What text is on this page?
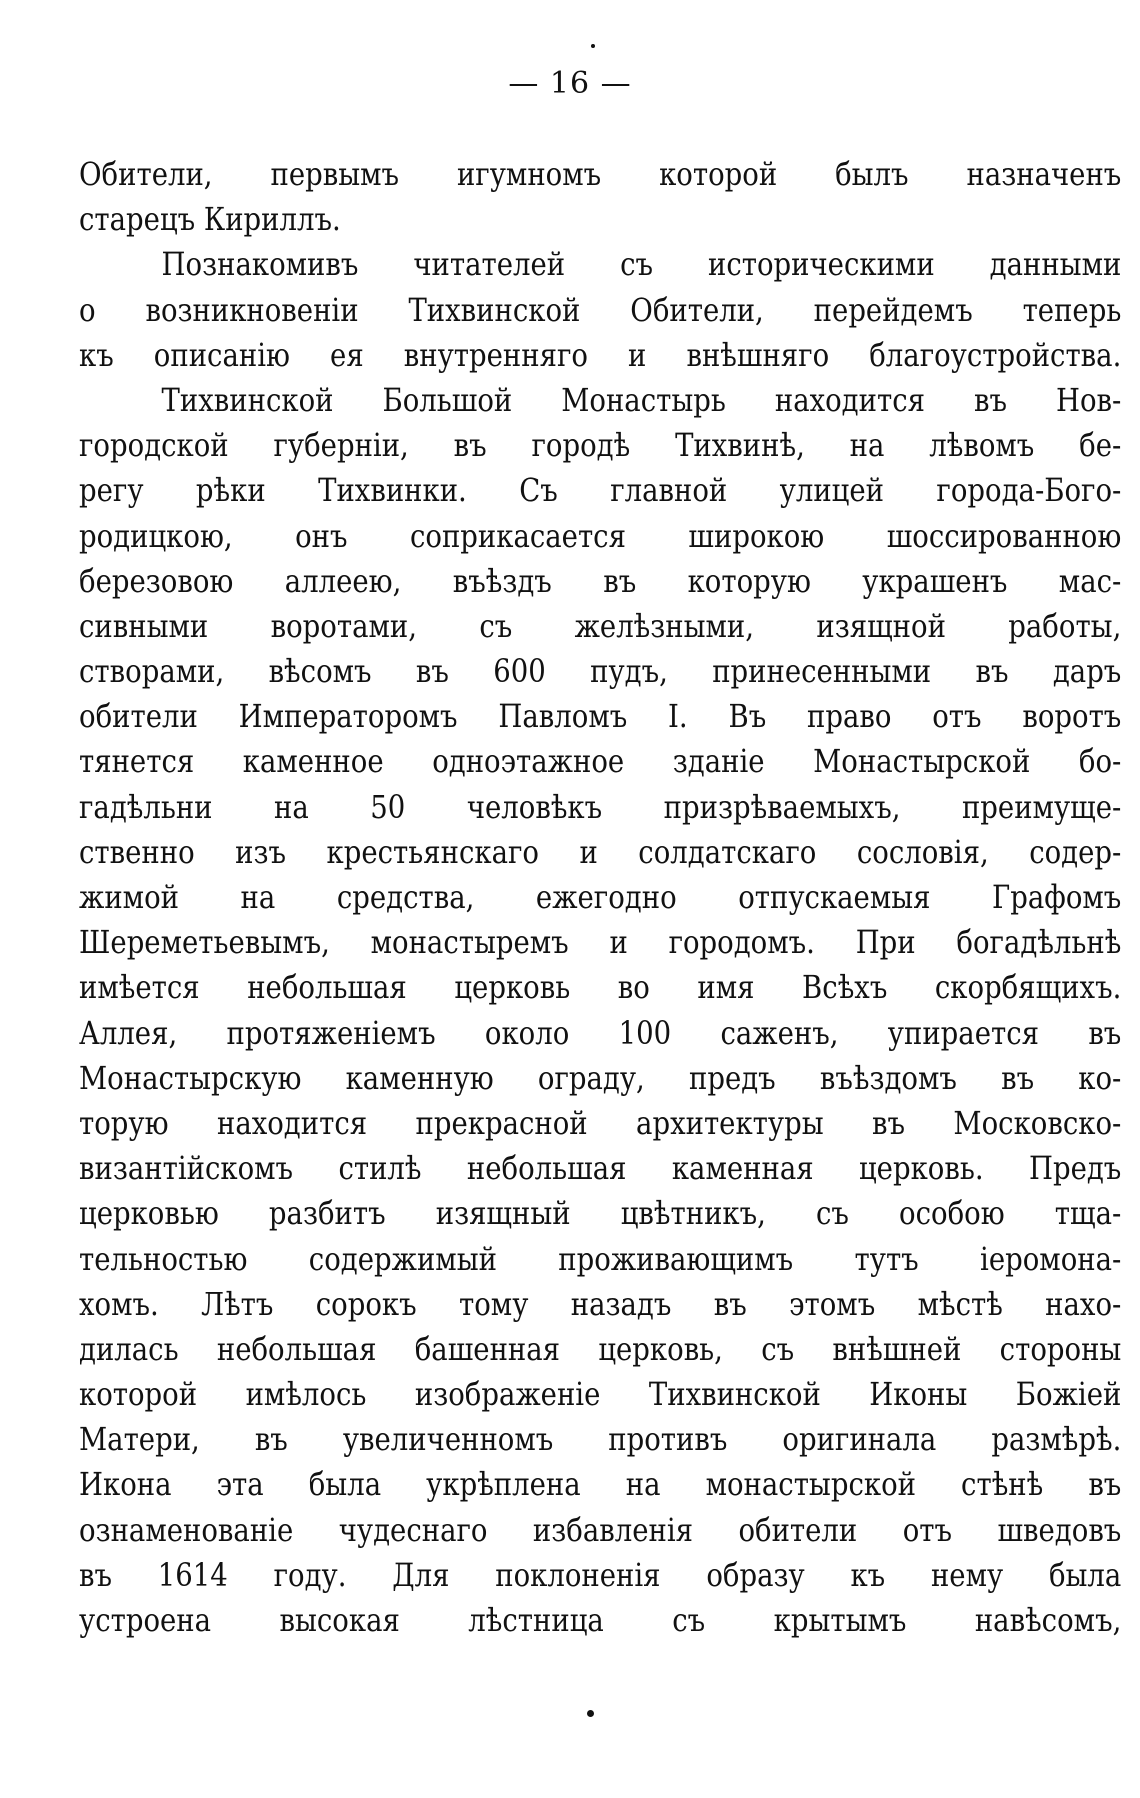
— 16 —
Обители, первымъ игумномъ которой былъ назначенъ
старецъ Кириллъ.
Познакомивъ читателей съ историческими данными
о возникновеніи Тихвинской Обители, перейдемъ теперь
къ описанію ея внутренняго и внѣшняго благоустройства.
Тихвинской Большой Монастырь находится въ Нов-
городской губерніи, въ городѣ Тихвинѣ, на лѣвомъ бе-
регу рѣки Тихвинки. Съ главной улицей города-Бого-
родицкою, онъ соприкасается широкою шоссированною
березовою аллеею, въѣздъ въ которую украшенъ мас-
сивными воротами, съ желѣзными, изящной работы,
створами, вѣсомъ въ 600 пудъ, принесенными въ даръ
обители Императоромъ Павломъ I. Въ право отъ воротъ
тянется каменное одноэтажное зданіе Монастырской бо-
гадѣльни на 50 человѣкъ призрѣваемыхъ, преимуще-
ственно изъ крестьянскаго и солдатскаго сословія, содер-
жимой на средства, ежегодно отпускаемыя Графомъ
Шереметьевымъ, монастыремъ и городомъ. При богадѣльнѣ
имѣется небольшая церковь во имя Всѣхъ скорбящихъ.
Аллея, протяженіемъ около 100 саженъ, упирается въ
Монастырскую каменную ограду, предъ въѣздомъ въ ко-
торую находится прекрасной архитектуры въ Московско-
византійскомъ стилѣ небольшая каменная церковь. Предъ
церковью разбитъ изящный цвѣтникъ, съ особою тща-
тельностью содержимый проживающимъ тутъ іеромона-
хомъ. Лѣтъ сорокъ тому назадъ въ этомъ мѣстѣ нахо-
дилась небольшая башенная церковь, съ внѣшней стороны
которой имѣлось изображеніе Тихвинской Иконы Божіей
Матери, въ увеличенномъ противъ оригинала размѣрѣ.
Икона эта была укрѣплена на монастырской стѣнѣ въ
ознаменованіе чудеснаго избавленія обители отъ шведовъ
въ 1614 году. Для поклоненія образу къ нему была
устроена высокая лѣстница съ крытымъ навѣсомъ,
